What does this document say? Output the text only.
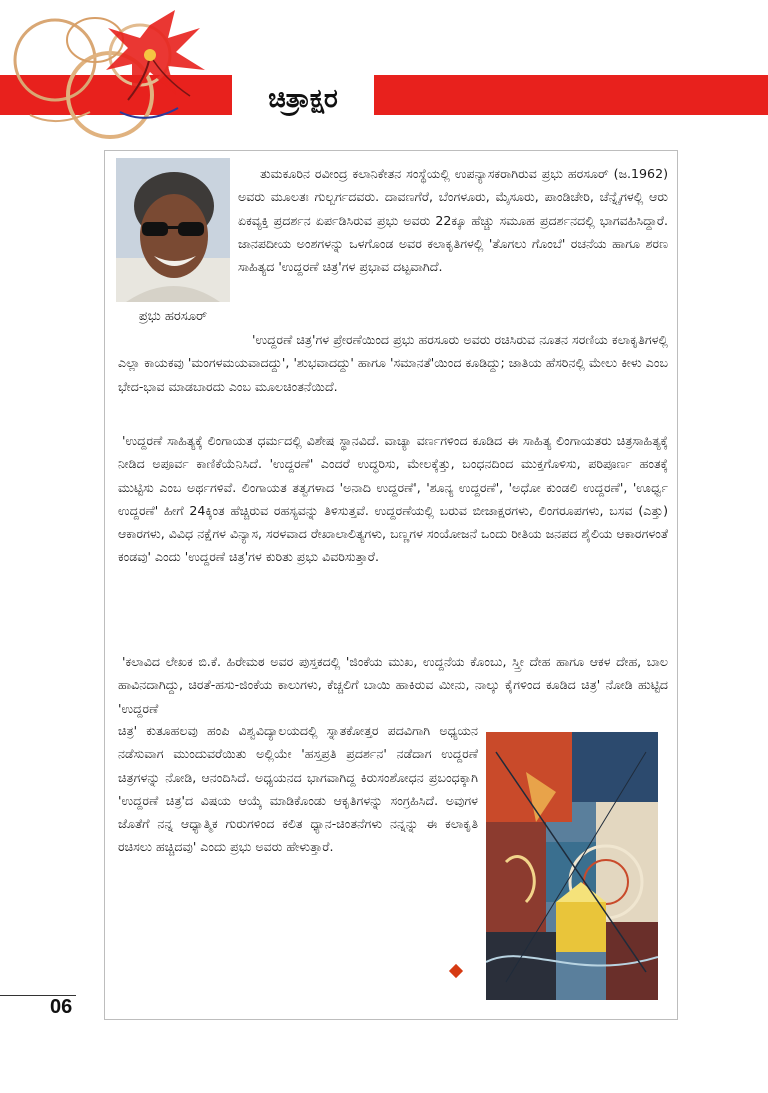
ಚಿತ್ರಾಕ್ಷರ
ಪ್ರಭು ಹರಸೂರ್

ತುಮಕೂರಿನ ರವೀಂದ್ರ ಕಲಾನಿಕೇತನ ಸಂಸ್ಥೆಯಲ್ಲಿ ಉಪನ್ಯಾಸಕರಾಗಿರುವ ಪ್ರಭು ಹರಸೂರ್ (ಜ.1962) ಅವರು ಮೂಲತಃ ಗುಲ್ಬರ್ಗದವರು. ದಾವಣಗೆರೆ, ಬೆಂಗಳೂರು, ಮೈಸೂರು, ಪಾಂಡಿಚೇರಿ, ಚೆನ್ನೈಗಳಲ್ಲಿ ಆರು ಏಕವ್ಯಕ್ತಿ ಪ್ರದರ್ಶನ ಏರ್ಪಡಿಸಿರುವ ಪ್ರಭು ಅವರು 22ಕ್ಕೂ ಹೆಚ್ಚು ಸಮೂಹ ಪ್ರದರ್ಶನದಲ್ಲಿ ಭಾಗವಹಿಸಿದ್ದಾರೆ. ಜಾನಪದೀಯ ಅಂಶಗಳನ್ನು ಒಳಗೊಂಡ ಅವರ ಕಲಾಕೃತಿಗಳಲ್ಲಿ 'ತೊಗಲು ಗೊಂಬೆ' ರಚನೆಯ ಹಾಗೂ ಶರಣ ಸಾಹಿತ್ಯದ 'ಉದ್ದರಣೆ ಚಿತ್ರ'ಗಳ ಪ್ರಭಾವ ದಟ್ಟವಾಗಿದೆ.

'ಉದ್ದರಣೆ ಚಿತ್ರ'ಗಳ ಪ್ರೇರಣೆಯಿಂದ ಪ್ರಭು ಹರಸೂರು ಅವರು ರಚಿಸಿರುವ ನೂತನ ಸರಣಿಯ ಕಲಾಕೃತಿಗಳಲ್ಲಿ ಎಲ್ಲಾ ಕಾಯಕವು 'ಮಂಗಳಮಯವಾದದ್ದು', 'ಶುಭವಾದದ್ದು' ಹಾಗೂ 'ಸಮಾನತೆ'ಯಿಂದ ಕೂಡಿದ್ದು; ಜಾತಿಯ ಹೆಸರಿನಲ್ಲಿ ಮೇಲು ಕೀಳು ಎಂಬ ಭೇದ-ಭಾವ ಮಾಡಬಾರದು ಎಂಬ ಮೂಲಚಿಂತನೆಯಿದೆ.

'ಉದ್ದರಣೆ ಸಾಹಿತ್ಯಕ್ಕೆ ಲಿಂಗಾಯತ ಧರ್ಮದಲ್ಲಿ ವಿಶೇಷ ಸ್ಥಾನವಿದೆ. ವಾಚ್ಯಾ ವರ್ಣಗಳಿಂದ ಕೂಡಿದ ಈ ಸಾಹಿತ್ಯ ಲಿಂಗಾಯತರು ಚಿತ್ರಸಾಹಿತ್ಯಕ್ಕೆ ನೀಡಿದ ಅಪೂರ್ವ ಕಾಣಿಕೆಯೆನಿಸಿದೆ. 'ಉದ್ದರಣೆ' ಎಂದರೆ ಉದ್ಧರಿಸು, ಮೇಲಕ್ಕೆತ್ತು, ಬಂಧನದಿಂದ ಮುಕ್ತಗೊಳಿಸು, ಪರಿಪೂರ್ಣ ಹಂತಕ್ಕೆ ಮುಟ್ಟಿಸು ಎಂಬ ಅರ್ಥಗಳಿವೆ. ಲಿಂಗಾಯತ ತತ್ವಗಳಾದ 'ಅನಾದಿ ಉದ್ದರಣೆ', 'ಶೂನ್ಯ ಉದ್ದರಣೆ', 'ಅಧೋ ಕುಂಡಲಿ ಉದ್ದರಣೆ', 'ಊರ್ಧ್ವ ಉದ್ದರಣೆ' ಹೀಗೆ 24ಕ್ಕಿಂತ ಹೆಚ್ಚಿರುವ ರಹಸ್ಯವನ್ನು ತಿಳಿಸುತ್ತವೆ. ಉದ್ದರಣೆಯಲ್ಲಿ ಬರುವ ಬೀಜಾಕ್ಷರಗಳು, ಲಿಂಗರೂಪಗಳು, ಬಸವ (ಎತ್ತು) ಆಕಾರಗಳು, ವಿವಿಧ ನಕ್ಷೆಗಳ ವಿನ್ಯಾಸ, ಸರಳವಾದ ರೇಖಾಲಾಲಿತ್ಯಗಳು, ಬಣ್ಣಗಳ ಸಂಯೋಜನೆ ಒಂದು ರೀತಿಯ ಜನಪದ ಶೈಲಿಯ ಆಕಾರಗಳಂತೆ ಕಂಡವು' ಎಂದು 'ಉದ್ದರಣೆ ಚಿತ್ರ'ಗಳ ಕುರಿತು ಪ್ರಭು ವಿವರಿಸುತ್ತಾರೆ.

'ಕಲಾವಿದ ಲೇಖಕ ಬಿ.ಕೆ. ಹಿರೇಮಠ ಅವರ ಪುಸ್ತಕದಲ್ಲಿ 'ಜಿಂಕೆಯ ಮುಖ, ಉದ್ದನೆಯ ಕೊಂಬು, ಸ್ತ್ರೀ ದೇಹ ಹಾಗೂ ಆಕಳ ದೇಹ, ಬಾಲ ಹಾವಿನದಾಗಿದ್ದು, ಚಿರತೆ-ಹಸು-ಜಿಂಕೆಯ ಕಾಲುಗಳು, ಕೆಚ್ಚಲಿಗೆ ಬಾಯಿ ಹಾಕಿರುವ ಮೀನು, ನಾಲ್ಕು ಕೈಗಳಿಂದ ಕೂಡಿದ ಚಿತ್ರ' ನೋಡಿ ಹುಟ್ಟಿದ 'ಉದ್ದರಣೆ

ಚಿತ್ರ' ಕುತೂಹಲವು ಹಂಪಿ ವಿಶ್ವವಿದ್ಯಾಲಯದಲ್ಲಿ ಸ್ನಾತಕೋತ್ತರ ಪದವಿಗಾಗಿ ಅಧ್ಯಯನ ನಡೆಸುವಾಗ ಮುಂದುವರೆಯಿತು ಅಲ್ಲಿಯೇ 'ಹಸ್ತಪ್ರತಿ ಪ್ರದರ್ಶನ' ನಡೆದಾಗ ಉದ್ದರಣೆ ಚಿತ್ರಗಳನ್ನು ನೋಡಿ, ಆನಂದಿಸಿದೆ. ಅಧ್ಯಯನದ ಭಾಗವಾಗಿದ್ದ ಕಿರುಸಂಶೋಧನ ಪ್ರಬಂಧಕ್ಕಾಗಿ 'ಉದ್ದರಣೆ ಚಿತ್ರ'ದ ವಿಷಯ ಆಯ್ಕೆ ಮಾಡಿಕೊಂಡು ಆಕೃತಿಗಳನ್ನು ಸಂಗ್ರಹಿಸಿದೆ. ಅವುಗಳ ಜೊತೆಗೆ ನನ್ನ ಆಧ್ಯಾತ್ಮಿಕ ಗುರುಗಳಿಂದ ಕಲಿತ ಧ್ಯಾನ-ಚಿಂತನೆಗಳು ನನ್ನನ್ನು ಈ ಕಲಾಕೃತಿ ರಚಿಸಲು ಹಚ್ಚಿದವು' ಎಂದು ಪ್ರಭು ಅವರು ಹೇಳುತ್ತಾರೆ.

06
